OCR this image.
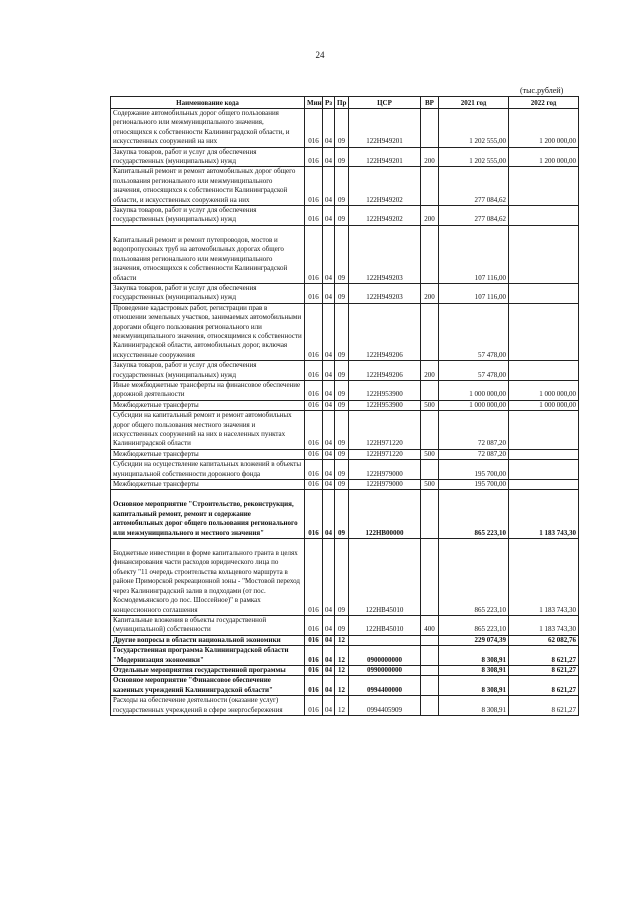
24
(тыс.рублей)
Наименование кода	Мин	Рз	Пр	ЦСР	ВР	2021 год	2022 год
Содержание автомобильных дорог общего пользования регионального или межмуниципального значения, относящихся к собственности Калининградской области, и искусственных сооружений на них	016	04	09	122Н949201		1 202 555,00	1 200 000,00
Закупка товаров, работ и услуг для обеспечения государственных (муниципальных) нужд	016	04	09	122Н949201	200	1 202 555,00	1 200 000,00
Капитальный ремонт и ремонт автомобильных дорог общего пользования регионального или межмуниципального значения, относящихся к собственности Калининградской области, и искусственных сооружений на них	016	04	09	122Н949202		277 084,62	
Закупка товаров, работ и услуг для обеспечения государственных (муниципальных) нужд	016	04	09	122Н949202	200	277 084,62	
Капитальный ремонт и ремонт путепроводов, мостов и водопропускных труб на автомобильных дорогах общего пользования регионального или межмуниципального значения, относящихся к собственности Калининградской области	016	04	09	122Н949203		107 116,00	
Закупка товаров, работ и услуг для обеспечения государственных (муниципальных) нужд	016	04	09	122Н949203	200	107 116,00	
Проведение кадастровых работ, регистрации прав в отношении земельных участков, занимаемых автомобильными дорогами общего пользования регионального или межмуниципального значения, относящимися к собственности Калининградской области, автомобильных дорог, включая искусственные сооружения	016	04	09	122Н949206		57 478,00	
Закупка товаров, работ и услуг для обеспечения государственных (муниципальных) нужд	016	04	09	122Н949206	200	57 478,00	
Иные межбюджетные трансферты на финансовое обеспечение дорожной деятельности	016	04	09	122Н953900		1 000 000,00	1 000 000,00
Межбюджетные трансферты	016	04	09	122Н953900	500	1 000 000,00	1 000 000,00
Субсидии на капитальный ремонт и ремонт автомобильных дорог общего пользования местного значения и искусственных сооружений на них в населенных пунктах Калининградской области	016	04	09	122Н971220		72 087,20	
Межбюджетные трансферты	016	04	09	122Н971220	500	72 087,20	
Субсидии на осуществление капитальных вложений в объекты муниципальной собственности дорожного фонда	016	04	09	122Н979000		195 700,00	
Межбюджетные трансферты	016	04	09	122Н979000	500	195 700,00	
Основное мероприятие "Строительство, реконструкция, капитальный ремонт, ремонт и содержание автомобильных дорог общего пользования регионального или межмуниципального и местного значения"	016	04	09	122НВ00000		865 223,10	1 183 743,30
Бюджетные инвестиции в форме капитального гранта в целях финансирования части расходов юридического лица по объекту "11 очередь строительства кольцевого маршрута в районе Приморской рекреационной зоны - "Мостовой переход через Калининградский залив в подходами (от пос. Космодемьянского до пос. Шоссейное)" в рамках концессионного соглашения	016	04	09	122НВ45010		865 223,10	1 183 743,30
Капитальные вложения в объекты государственной (муниципальной) собственности	016	04	09	122НВ45010	400	865 223,10	1 183 743,30
Другие вопросы в области национальной экономики	016	04	12			229 074,39	62 082,76
Государственная программа Калининградской области "Модернизация экономики"	016	04	12	0900000000		8 308,91	8 621,27
Отдельные мероприятия государственной программы	016	04	12	0990000000		8 308,91	8 621,27
Основное мероприятие "Финансовое обеспечение казенных учреждений Калининградской области"	016	04	12	0994400000		8 308,91	8 621,27
Расходы на обеспечение деятельности (оказание услуг) государственных учреждений в сфере энергосбережения	016	04	12	0994405909		8 308,91	8 621,27
